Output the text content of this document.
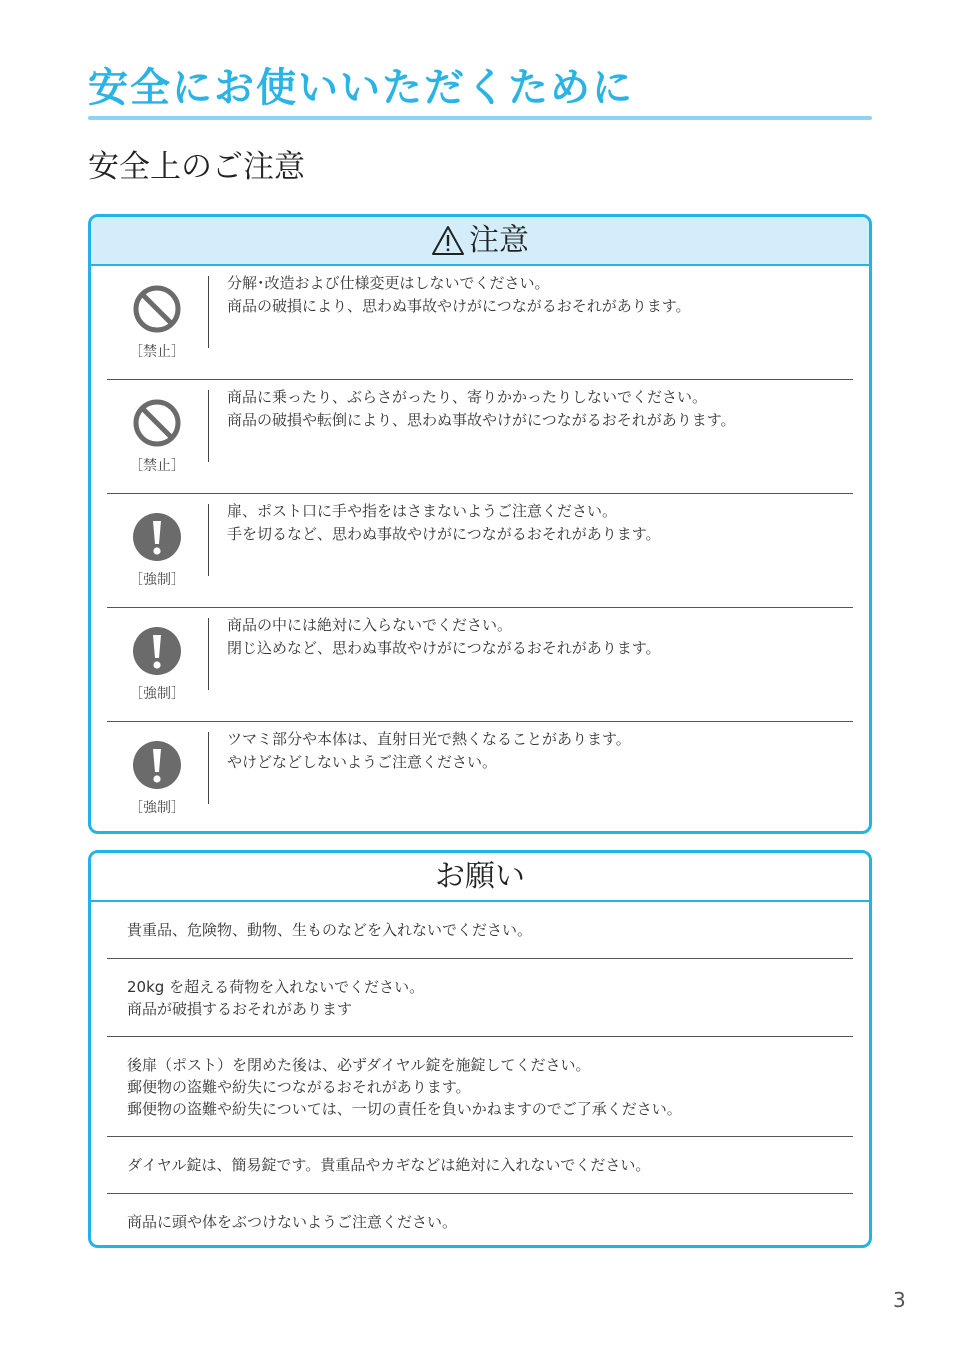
安全にお使いいただくために
安全上のご注意
注意
［禁止］
分解･改造および仕様変更はしないでください。
商品の破損により、思わぬ事故やけがにつながるおそれがあります。
［禁止］
商品に乗ったり、ぶらさがったり、寄りかかったりしないでください。
商品の破損や転倒により、思わぬ事故やけがにつながるおそれがあります。
［強制］
扉、ポスト口に手や指をはさまないようご注意ください。
手を切るなど、思わぬ事故やけがにつながるおそれがあります。
［強制］
商品の中には絶対に入らないでください。
閉じ込めなど、思わぬ事故やけがにつながるおそれがあります。
［強制］
ツマミ部分や本体は、直射日光で熱くなることがあります。
やけどなどしないようご注意ください。
お願い
貴重品、危険物、動物、生ものなどを入れないでください。
20kg を超える荷物を入れないでください。
商品が破損するおそれがあります
後扉（ポスト）を閉めた後は、必ずダイヤル錠を施錠してください。
郵便物の盗難や紛失につながるおそれがあります。
郵便物の盗難や紛失については、一切の責任を負いかねますのでご了承ください。
ダイヤル錠は、簡易錠です。貴重品やカギなどは絶対に入れないでください。
商品に頭や体をぶつけないようご注意ください。
3
